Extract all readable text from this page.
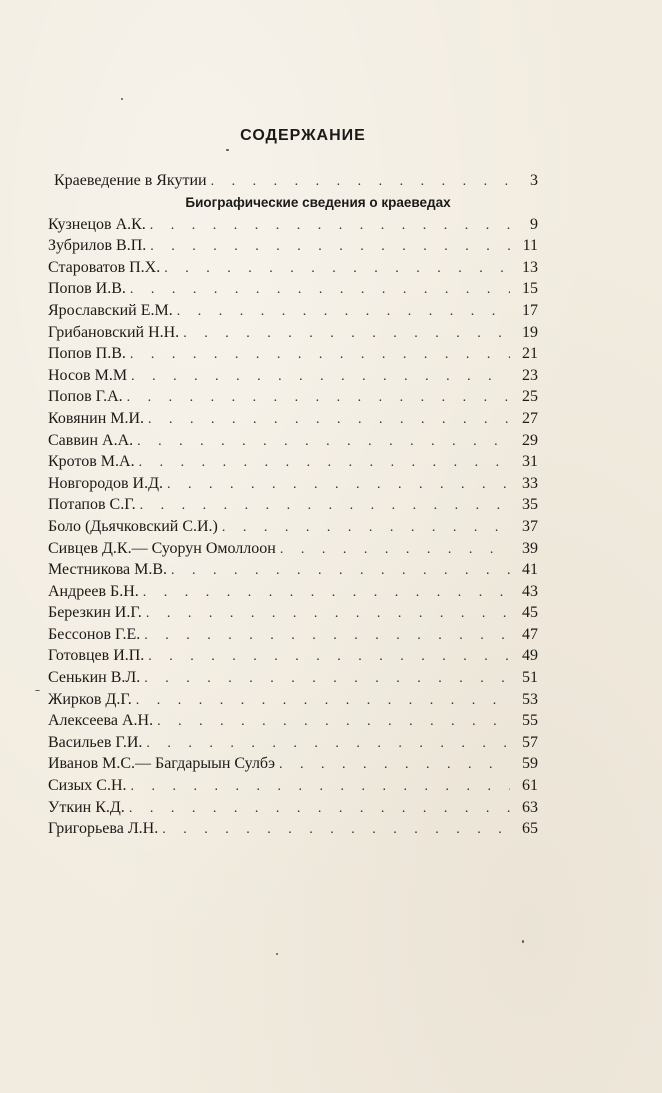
СОДЕРЖАНИЕ
Краеведение в Якутии . . .	3
Биографические сведения о краеведах
Кузнецов А.К. . . .	9
Зубрилов В.П. . . .	11
Староватов П.Х. . . .	13
Попов И.В. . . .	15
Ярославский Е.М. . . .	17
Грибановский Н.Н. . . .	19
Попов П.В. . . .	21
Носов М.М . . .	23
Попов Г.А. . . .	25
Ковянин М.И. . . .	27
Саввин А.А. . . .	29
Кротов М.А. . . .	31
Новгородов И.Д. . . .	33
Потапов С.Г. . . .	35
Боло (Дьячковский С.И.) . . .	37
Сивцев Д.К.— Суорун Омоллоон . . .	39
Местникова М.В. . . .	41
Андреев Б.Н. . . .	43
Березкин И.Г. . . .	45
Бессонов Г.Е. . . .	47
Готовцев И.П. . . .	49
Сенькин В.Л. . . .	51
Жирков Д.Г. . . .	53
Алексеева А.Н. . . .	55
Васильев Г.И. . . .	57
Иванов М.С.— Багдарыын Сулбэ . . .	59
Сизых С.Н. . . .	61
Уткин К.Д. . . .	63
Григорьева Л.Н. . . .	65
